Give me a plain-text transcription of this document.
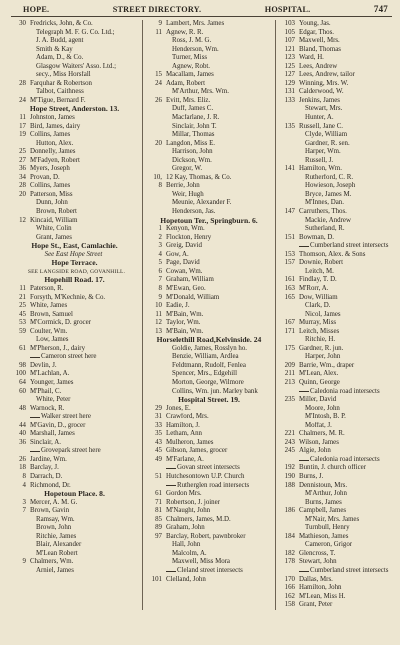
HOPE.	STREET DIRECTORY.	HOSPITAL.	747
30 Fredricks, John, & Co.
Telegraph M. F. G. Co. Ltd.;
J. A. Budd, agent
Smith & Kay
Adam, D., & Co.
Glasgow Waiters' Asso. Ltd.;
secy., Miss Horsfall
28 Farquhar & Robertson
Talbot, Caithness
24 M'Tigue, Bernard F.
Hope Street, Anderston. 13.
11 Johnston, James
17 Bird, James, dairy
19 Collins, James
Hutton, Alex.
25 Donnelly, James
27 M'Fadyen, Robert
36 Myers, Joseph
34 Provan, D.
28 Collins, James
20 Patterson, Miss
Dunn, John
Brown, Robert
12 Kincaid, William
White, Colin
Grant, James
Hope St., East, Camlachie.
See East Hope Street
Hope Terrace.
SEE LANGSIDE ROAD, GOVANHILL.
Hopehill Road. 17.
11 Paterson, R.
21 Forsyth, M'Kechnie, & Co.
25 White, James
45 Brown, Samuel
53 M'Cormick, D. grocer
59 Coulter, Wm.
Low, James
61 M'Pherson, J., dairy
Cameron street here
98 Devlin, J.
100 M'Lachlan, A.
64 Younger, James
60 M'Phail, C.
White, Peter
48 Warnock, R.
Walker street here
44 M'Gavin, D., grocer
40 Marshall, James
36 Sinclair, A.
Grovepark street here
26 Jardine, Wm.
18 Barclay, J.
8 Darrach, D.
4 Richmond, Dr.
Hopetoun Place. 8.
3 Mercer, A. M. G.
7 Brown, Gavin
Ramsay, Wm.
Brown, John
Ritchie, James
Blair, Alexander
M'Lean Robert
9 Chalmers, Wm.
Arniel, James
9 Lambert, Mrs. James
11 Agnew, R. R.
Ross, J. M. G.
Henderson, Wm.
Turner, Miss
Agnew, Robt.
15 Macallam, James
24 Adam, Robert
M'Arthur, Mrs. Wm.
26 Evitt, Mrs. Eliz.
Duff, James C.
Macfarlane, J. R.
Sinclair, John T.
Millar, Thomas
20 Langdon, Miss E.
Harrison, John
Dickson, Wm.
Gregor, W.
10, 12 Kay, Thomas, & Co.
8 Berrie, John
Weir, Hugh
Meunie, Alexander F.
Henderson, Jas.
Hopetoun Ter., Springburn. 6.
1 Kenyon, Wm.
2 Flockton, Henry
3 Greig, David
4 Gow, A.
5 Page, David
6 Cowan, Wm.
7 Graham, William
8 M'Ewan, Geo.
9 M'Donald, William
10 Eadie, J.
11 M'Bain, Wm.
12 Taylor, Wm.
13 M'Bain, Wm.
Horselethill Road,Kelvinside. 24
Goldie, James, Rosslyn ho.
Benzie, William, Ardlea
Feldtmann, Rudolf, Fenlea
Spencer, Mrs., Edgehill
Morton, George, Wilmore
Collins, Wm. jun. Marley bank
Hospital Street. 19.
29 Jones, E.
31 Crawford, Mrs.
33 Hamilton, J.
35 Letham, Ann
43 Mulheron, James
45 Gibson, James, grocer
49 M'Farlane, A.
Govan street intersects
51 Hutchesontown U.P. Church
Rutherglen road intersects
61 Gordon Mrs.
71 Robertson, J. joiner
81 M'Naught, John
85 Chalmers, James, M.D.
89 Graham, John
97 Barclay, Robert, pawnbroker
Hall, John
Malcolm, A.
Maxwell, Miss Mora
Cleland street intersects
101 Clelland, John
103 Young, Jas.
105 Edgar, Thos.
107 Maxwell, Mrs.
121 Bland, Thomas
123 Ward, H.
125 Lees, Andrew
127 Lees, Andrew, tailor
129 Winning, Mrs. W.
131 Calderwood, W.
133 Jenkins, James
Stewart, Mrs.
Hunter, A.
135 Russell, Jane C.
Clyde, William
Gardner, R. sen.
Harper, Wm.
Russell, J.
141 Hamilton, Wm.
Rutherford, C. R.
Howieson, Joseph
Bryce, James M.
M'Innes, Dan.
147 Carruthers, Thos.
Mackie, Andrew
Sutherland, R.
151 Bowman, D.
Cumberland street intersects
153 Thomson, Alex. & Sons
157 Downie, Robert
Leitch, M.
161 Findlay, T. D.
163 M'Rorr, A.
165 Dow, William
Clark, D.
Nicol, James
167 Murray, Miss
171 Leitch, Misses
Ritchie, H.
175 Gardner, R. jun.
Harper, John
209 Barrie, Wm., draper
211 M'Lean, Alex.
213 Quinn, George
Caledonia road intersects
235 Miller, David
Moore, John
M'Intosh, B. P.
Moffat, J.
221 Chalmers, M. R.
243 Wilson, James
245 Algie, John
Caledonia road intersects
192 Buntin, J. church officer
190 Burns, J.
188 Dennistoun, Mrs.
M'Arthur, John
Burns, James
186 Campbell, James
M'Nair, Mrs. James
Turnbull, Henry
184 Mathieson, James
Cameron, Grigor
182 Glencross, T.
178 Stewart, John
Cumberland street intersects
170 Dallas, Mrs.
166 Hamilton, John
162 M'Lean, Miss H.
158 Grant, Peter
